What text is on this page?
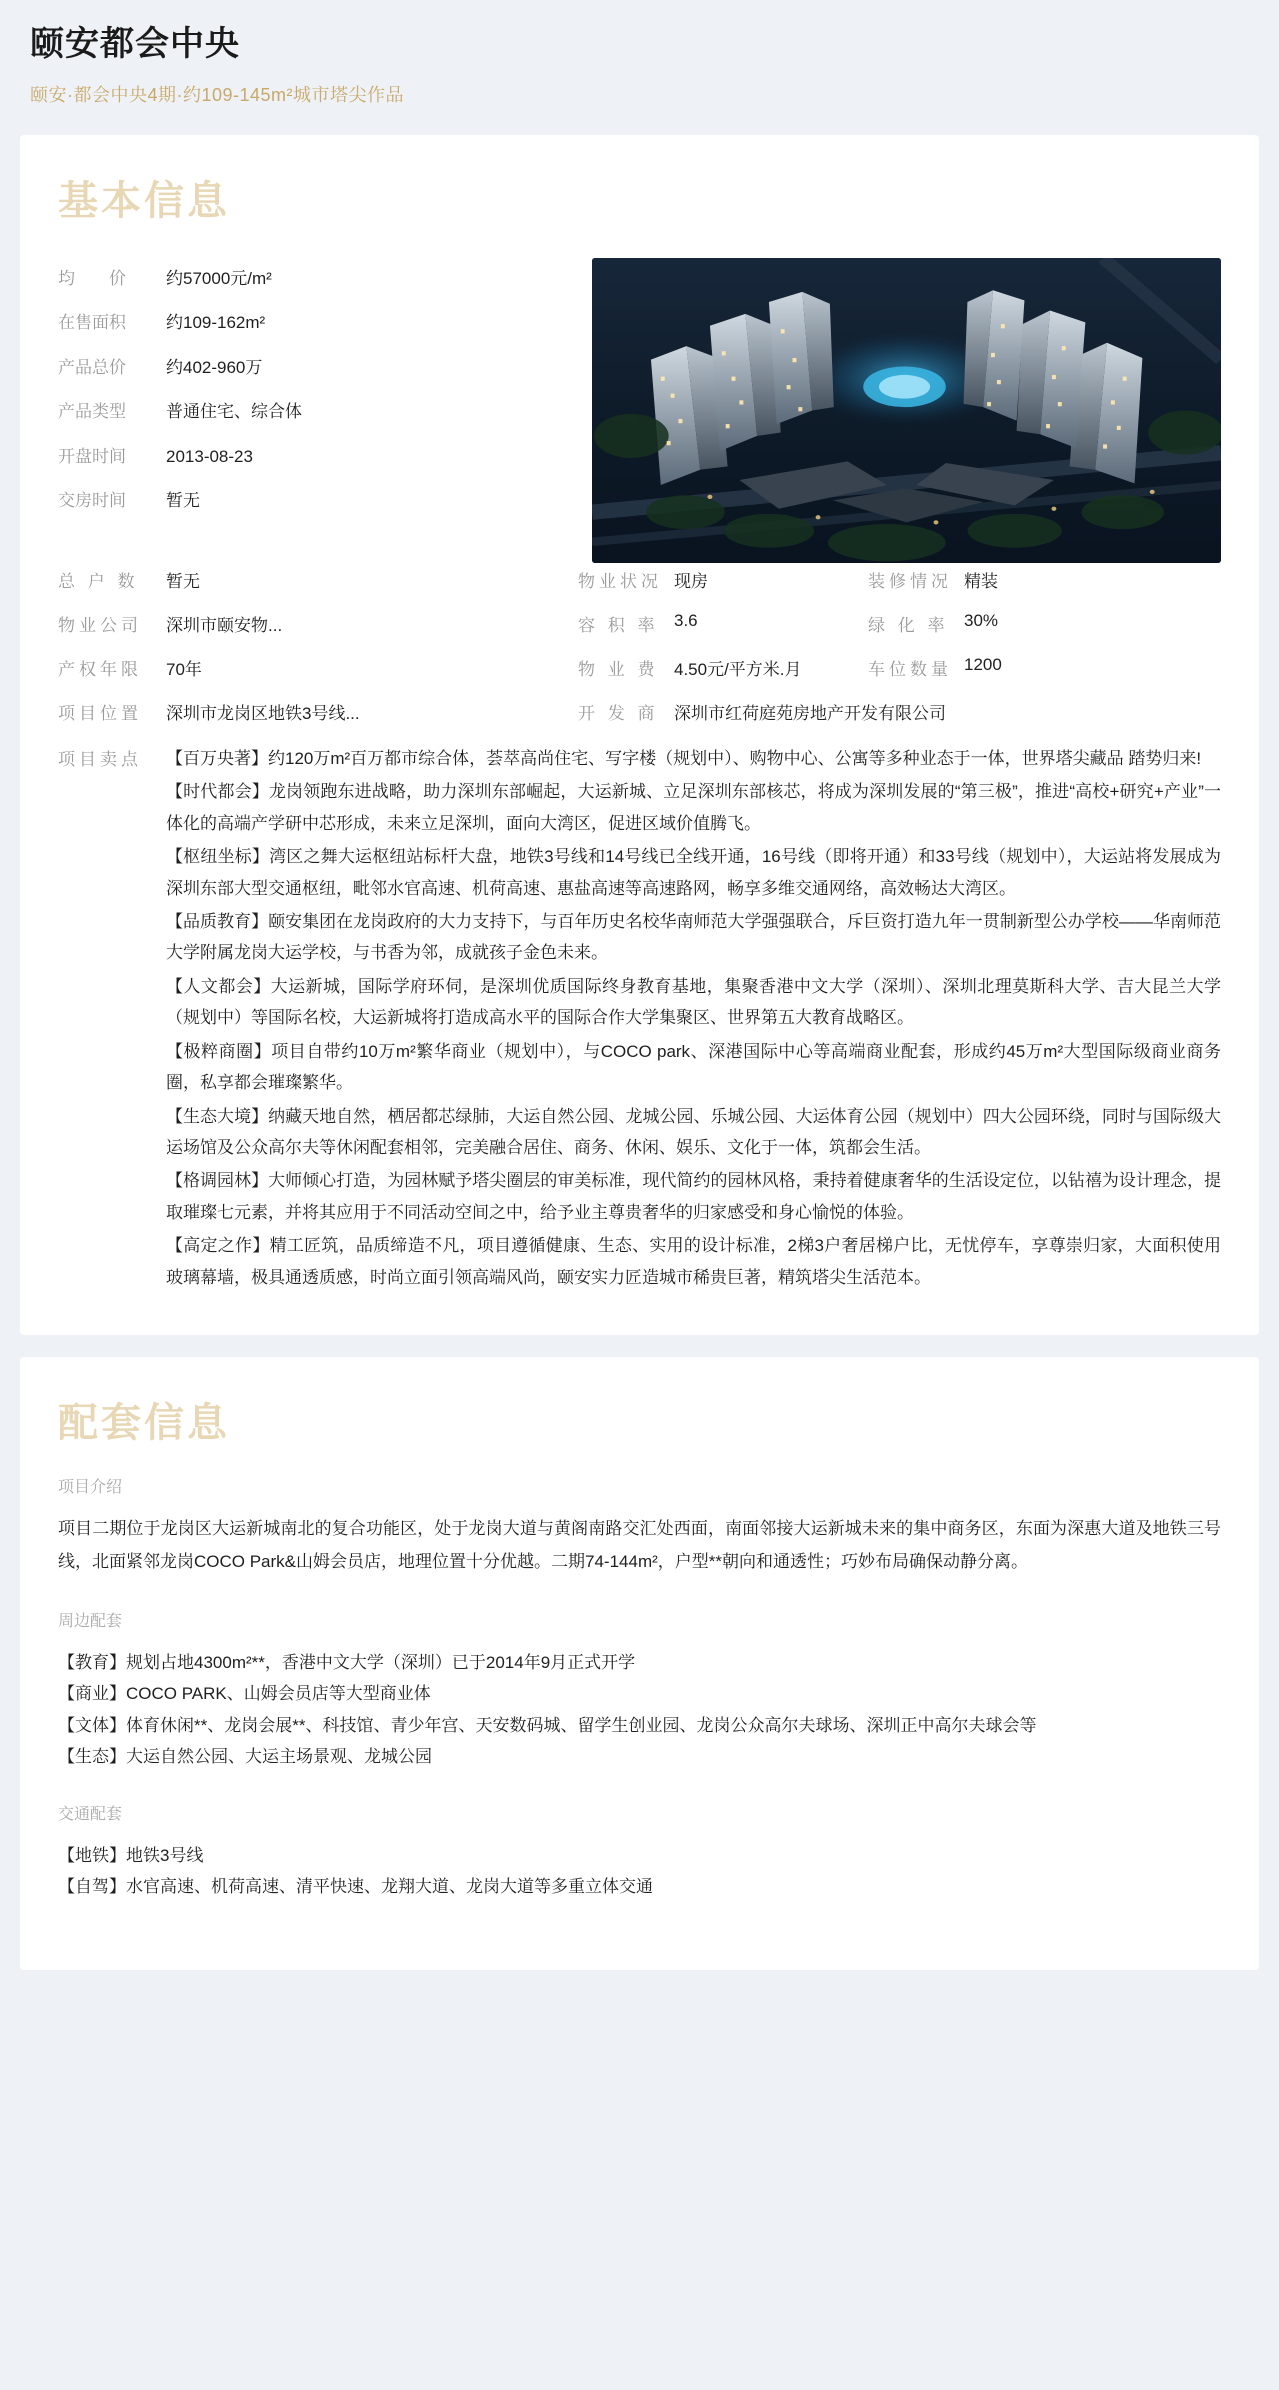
颐安都会中央
颐安·都会中央4期·约109-145m²城市塔尖作品
基本信息
均　　价	约57000元/m²
在售面积	约109-162m²
产品总价	约402-960万
产品类型	普通住宅、综合体
开盘时间	2013-08-23
交房时间	暂无
总 户 数	暂无	物业状况 现房	装修情况 精装
物业公司	深圳市颐安物...	容 积 率 3.6	绿 化 率 30%
产权年限	70年	物 业 费 4.50元/平方米.月	车位数量 1200
项目位置	深圳市龙岗区地铁3号线...	开 发 商 深圳市红荷庭苑房地产开发有限公司
项目卖点	【百万央著】约120万m²百万都市综合体，荟萃高尚住宅、写字楼（规划中）、购物中心、公寓等多种业态于一体，世界塔尖藏品 踏势归来!

【时代都会】龙岗领跑东进战略，助力深圳东部崛起，大运新城、立足深圳东部核芯，将成为深圳发展的“第三极”，推进“高校+研究+产业”一体化的高端产学研中芯形成，未来立足深圳，面向大湾区，促进区域价值腾飞。

【枢纽坐标】湾区之舞大运枢纽站标杆大盘，地铁3号线和14号线已全线开通，16号线（即将开通）和33号线（规划中），大运站将发展成为深圳东部大型交通枢纽，毗邻水官高速、机荷高速、惠盐高速等高速路网，畅享多维交通网络，高效畅达大湾区。

【品质教育】颐安集团在龙岗政府的大力支持下，与百年历史名校华南师范大学强强联合，斥巨资打造九年一贯制新型公办学校——华南师范大学附属龙岗大运学校，与书香为邻，成就孩子金色未来。

【人文都会】大运新城，国际学府环伺，是深圳优质国际终身教育基地，集聚香港中文大学（深圳）、深圳北理莫斯科大学、吉大昆兰大学（规划中）等国际名校，大运新城将打造成高水平的国际合作大学集聚区、世界第五大教育战略区。

【极粹商圈】项目自带约10万m²繁华商业（规划中），与COCO park、深港国际中心等高端商业配套，形成约45万m²大型国际级商业商务圈，私享都会璀璨繁华。

【生态大境】纳藏天地自然，栖居都芯绿肺，大运自然公园、龙城公园、乐城公园、大运体育公园（规划中）四大公园环绕，同时与国际级大运场馆及公众高尔夫等休闲配套相邻，完美融合居住、商务、休闲、娱乐、文化于一体，筑都会生活。

【格调园林】大师倾心打造，为园林赋予塔尖圈层的审美标准，现代简约的园林风格，秉持着健康奢华的生活设定位，以钻禧为设计理念，提取璀璨七元素，并将其应用于不同活动空间之中，给予业主尊贵奢华的归家感受和身心愉悦的体验。

【高定之作】精工匠筑，品质缔造不凡，项目遵循健康、生态、实用的设计标准，2梯3户奢居梯户比，无忧停车，享尊崇归家，大面积使用玻璃幕墙，极具通透质感，时尚立面引领高端风尚，颐安实力匠造城市稀贵巨著，精筑塔尖生活范本。

配套信息
项目介绍
项目二期位于龙岗区大运新城南北的复合功能区，处于龙岗大道与黄阁南路交汇处西面，南面邻接大运新城未来的集中商务区，东面为深惠大道及地铁三号线，北面紧邻龙岗COCO Park&山姆会员店，地理位置十分优越。二期74-144m²，户型**朝向和通透性；巧妙布局确保动静分离。
周边配套
【教育】规划占地4300m²**，香港中文大学（深圳）已于2014年9月正式开学
【商业】COCO PARK、山姆会员店等大型商业体
【文体】体育休闲**、龙岗会展**、科技馆、青少年宫、天安数码城、留学生创业园、龙岗公众高尔夫球场、深圳正中高尔夫球会等
【生态】大运自然公园、大运主场景观、龙城公园
交通配套
【地铁】地铁3号线
【自驾】水官高速、机荷高速、清平快速、龙翔大道、龙岗大道等多重立体交通
